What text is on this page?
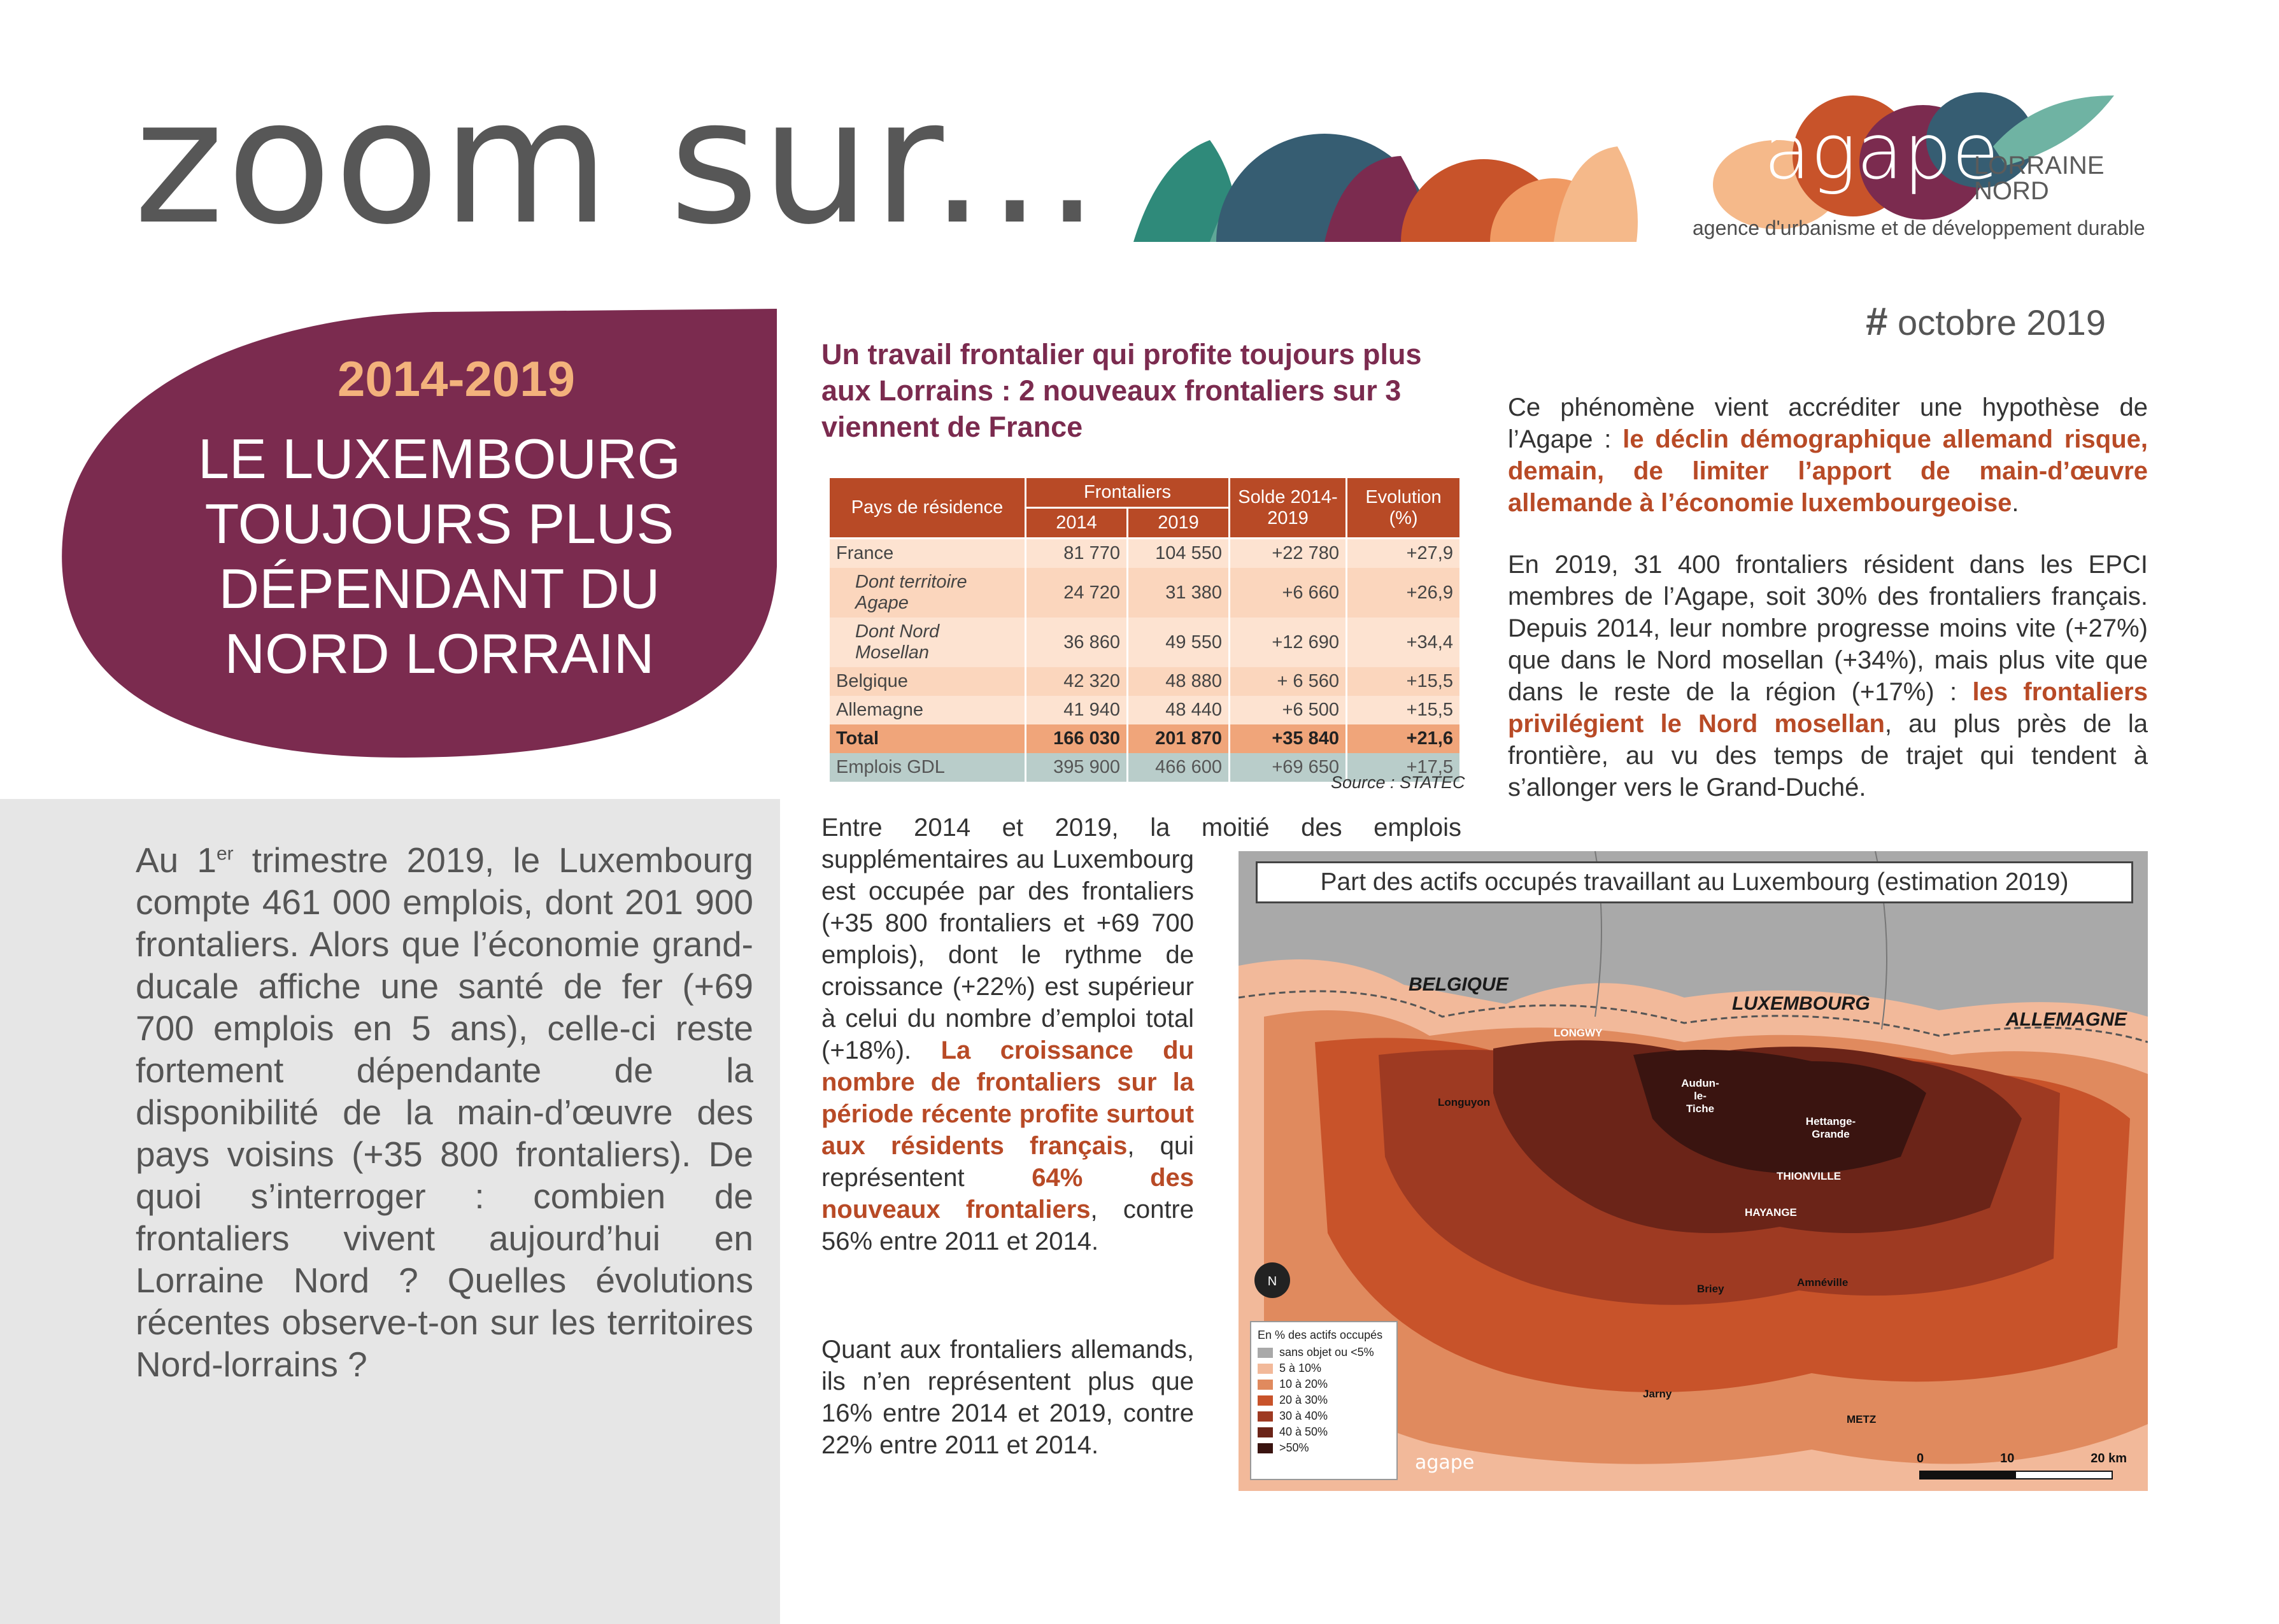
zoom sur...	agape
LORRAINE
NORD
agence d'urbanisme et de développement durable
# octobre 2019
2014-2019
LE LUXEMBOURG TOUJOURS PLUS DÉPENDANT DU NORD LORRAIN
Au 1er trimestre 2019, le Luxembourg compte 461 000 emplois, dont 201 900 frontaliers. Alors que l’économie grand-ducale affiche une santé de fer (+69 700 emplois en 5 ans), celle-ci reste fortement dépendante de la disponibilité de la main-d’œuvre des pays voisins (+35 800 frontaliers). De quoi s’interroger : combien de frontaliers vivent aujourd’hui en Lorraine Nord ? Quelles évolutions récentes observe-t-on sur les territoires Nord-lorrains ?
Un travail frontalier qui profite toujours plus aux Lorrains : 2 nouveaux frontaliers sur 3 viennent de France
Pays de résidence	Frontaliers		Solde 2014-2019	Evolution (%)
	2014	2019		
France	81 770	104 550	+22 780	+27,9
Dont territoire Agape	24 720	31 380	+6 660	+26,9
Dont Nord Mosellan	36 860	49 550	+12 690	+34,4
Belgique	42 320	48 880	+ 6 560	+15,5
Allemagne	41 940	48 440	+6 500	+15,5
Total	166 030	201 870	+35 840	+21,6
Emplois GDL	395 900	466 600	+69 650	+17,5
Source : STATEC
Entre 2014 et 2019, la moitié des emplois
supplémentaires au Luxembourg est occupée par des frontaliers (+35 800 frontaliers et +69 700 emplois), dont le rythme de croissance (+22%) est supérieur à celui du nombre d’emploi total (+18%). La croissance du nombre de frontaliers sur la période récente profite surtout aux résidents français, qui représentent 64% des nouveaux frontaliers, contre 56% entre 2011 et 2014.
Quant aux frontaliers allemands, ils n’en représentent plus que 16% entre 2014 et 2019, contre 22% entre 2011 et 2014.
Ce phénomène vient accréditer une hypothèse de l’Agape : le déclin démographique allemand risque, demain, de limiter l’apport de main-d’œuvre allemande à l’économie luxembourgeoise.
En 2019, 31 400 frontaliers résident dans les EPCI membres de l’Agape, soit 30% des frontaliers français. Depuis 2014, leur nombre progresse moins vite (+27%) que dans le Nord mosellan (+34%), mais plus vite que dans le reste de la région (+17%) : les frontaliers privilégient le Nord mosellan, au plus près de la frontière, au vu des temps de trajet qui tendent à s’allonger vers le Grand-Duché.
Part des actifs occupés travaillant au Luxembourg (estimation 2019)
BELGIQUE
LUXEMBOURG
ALLEMAGNE
LONGWY
Longuyon
Audun-le-Tiche
Hettange-Grande
THIONVILLE
HAYANGE
Briey
Amnéville
Jarny
METZ
N
En % des actifs occupés
sans objet ou <5%
5 à 10%
10 à 20%
20 à 30%
30 à 40%
40 à 50%
>50%
agape	0	10	20 km
